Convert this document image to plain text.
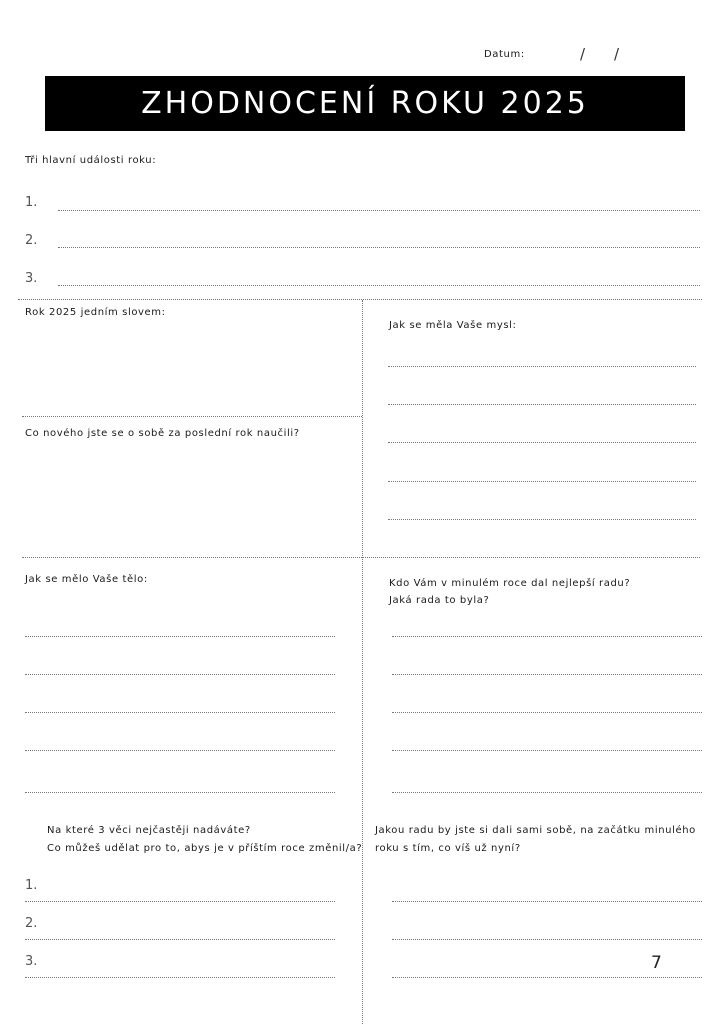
Datum:	/ /
ZHODNOCENÍ ROKU 2025
Tři hlavní události roku:
1.
2.
3.
Rok 2025 jedním slovem:
Jak se měla Vaše mysl:
Co nového jste se o sobě za poslední rok naučili?
Jak se mělo Vaše tělo:	Kdo Vám v minulém roce dal nejlepší radu?
Jaká rada to byla?
Na které 3 věci nejčastěji nadáváte?
Co můžeš udělat pro to, abys je v příštím roce změnil/a?
1.
2.
3.
Jakou radu by jste si dali sami sobě, na začátku minulého
roku s tím, co víš už nyní?
7
